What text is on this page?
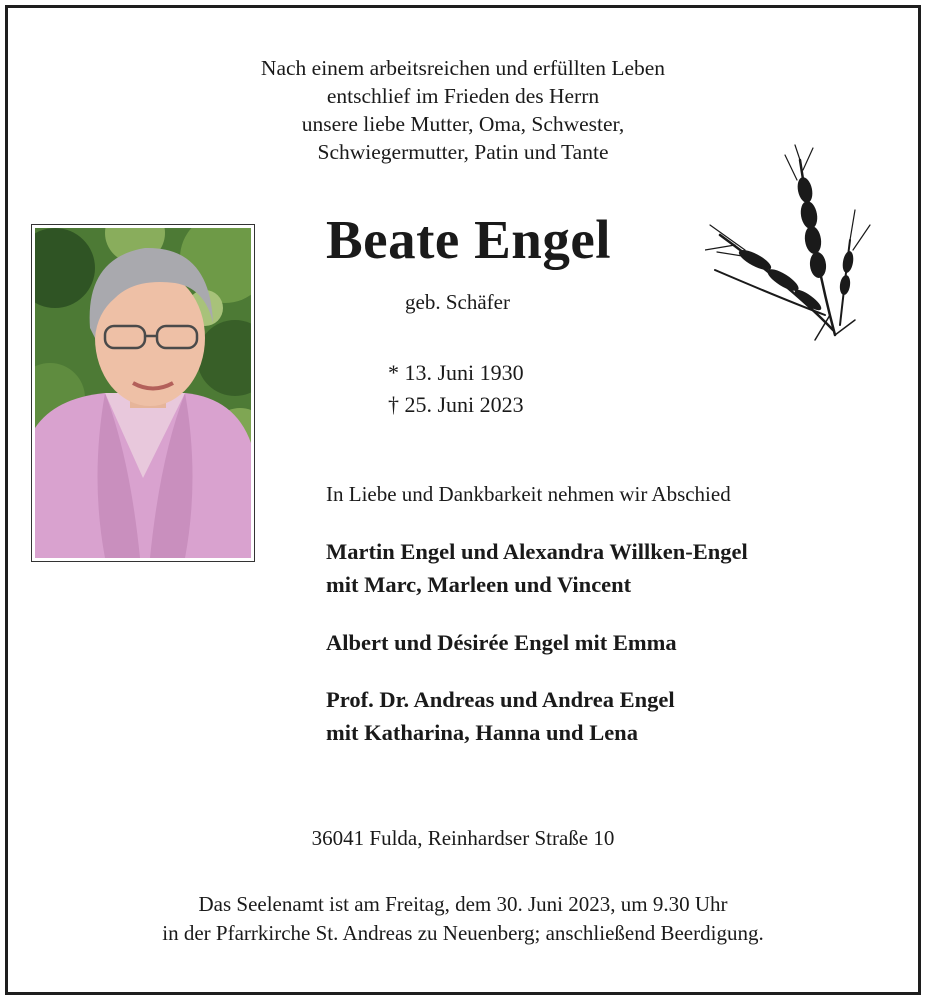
Nach einem arbeitsreichen und erfüllten Leben
entschlief im Frieden des Herrn
unsere liebe Mutter, Oma, Schwester,
Schwiegermutter, Patin und Tante
Beate Engel
geb. Schäfer
* 13. Juni 1930
† 25. Juni 2023
In Liebe und Dankbarkeit nehmen wir Abschied
Martin Engel und Alexandra Willken-Engel
mit Marc, Marleen und Vincent
Albert und Désirée Engel mit Emma
Prof. Dr. Andreas und Andrea Engel
mit Katharina, Hanna und Lena
36041 Fulda, Reinhardser Straße 10
Das Seelenamt ist am Freitag, dem 30. Juni 2023, um 9.30 Uhr
in der Pfarrkirche St. Andreas zu Neuenberg; anschließend Beerdigung.
